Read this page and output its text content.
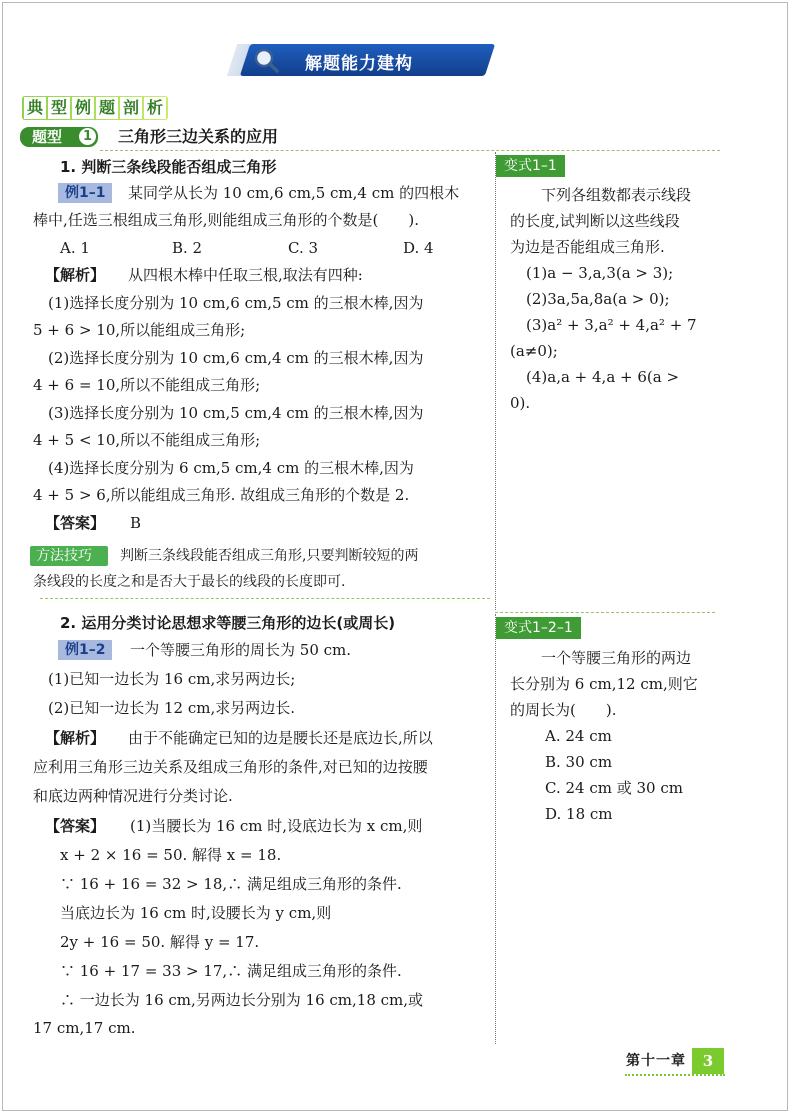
解题能力建构
典 型 例 题 剖 析
题型	1 三角形三边关系的应用
1. 判断三条线段能否组成三角形
例1–1	某同学从长为 10 cm,6 cm,5 cm,4 cm 的四根木
棒中,任选三根组成三角形,则能组成三角形的个数是(　　).
A. 1	B. 2	C. 3	D. 4
【解析】 从四根木棒中任取三根,取法有四种:
(1)选择长度分别为 10 cm,6 cm,5 cm 的三根木棒,因为
5 + 6 > 10,所以能组成三角形;
(2)选择长度分别为 10 cm,6 cm,4 cm 的三根木棒,因为
4 + 6 = 10,所以不能组成三角形;
(3)选择长度分别为 10 cm,5 cm,4 cm 的三根木棒,因为
4 + 5 < 10,所以不能组成三角形;
(4)选择长度分别为 6 cm,5 cm,4 cm 的三根木棒,因为
4 + 5 > 6,所以能组成三角形. 故组成三角形的个数是 2.
【答案】 B
方法技巧	判断三条线段能否组成三角形,只要判断较短的两
条线段的长度之和是否大于最长的线段的长度即可.
变式1–1
下列各组数都表示线段
的长度,试判断以这些线段
为边是否能组成三角形.
(1)a − 3,a,3(a > 3);
(2)3a,5a,8a(a > 0);
(3)a² + 3,a² + 4,a² + 7
(a≠0);
(4)a,a + 4,a + 6(a >
0).
2. 运用分类讨论思想求等腰三角形的边长(或周长)
例1–2	一个等腰三角形的周长为 50 cm.
(1)已知一边长为 16 cm,求另两边长;
(2)已知一边长为 12 cm,求另两边长.
【解析】 由于不能确定已知的边是腰长还是底边长,所以
应利用三角形三边关系及组成三角形的条件,对已知的边按腰
和底边两种情况进行分类讨论.
【答案】 (1)当腰长为 16 cm 时,设底边长为 x cm,则
x + 2 × 16 = 50. 解得 x = 18.
∵ 16 + 16 = 32 > 18,∴ 满足组成三角形的条件.
当底边长为 16 cm 时,设腰长为 y cm,则
2y + 16 = 50. 解得 y = 17.
∵ 16 + 17 = 33 > 17,∴ 满足组成三角形的条件.
∴ 一边长为 16 cm,另两边长分别为 16 cm,18 cm,或
17 cm,17 cm.
变式1–2–1
一个等腰三角形的两边
长分别为 6 cm,12 cm,则它
的周长为(　　).
A. 24 cm
B. 30 cm
C. 24 cm 或 30 cm
D. 18 cm
第十一章	3
